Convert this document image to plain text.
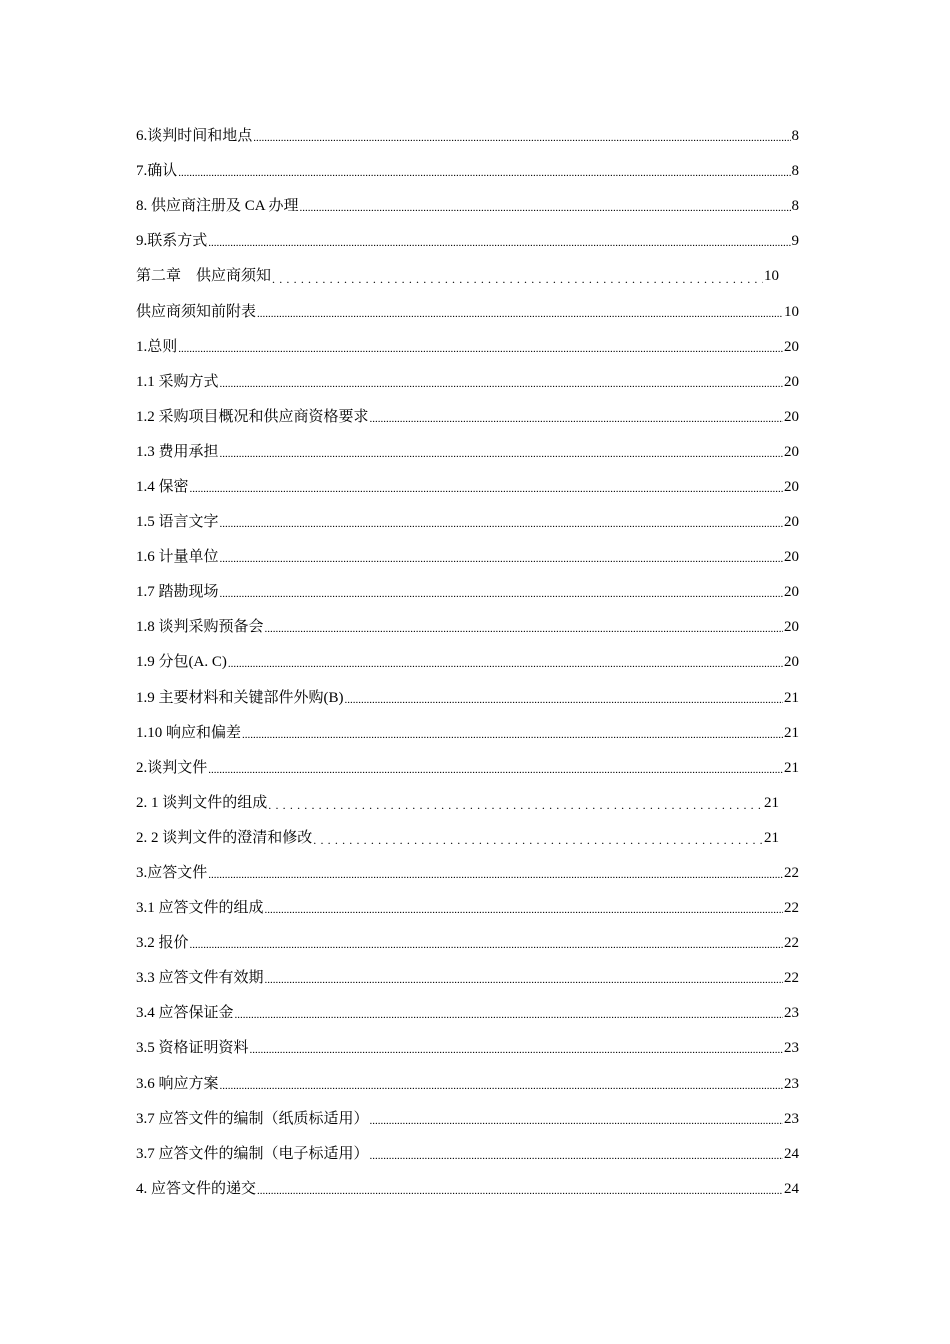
6.谈判时间和地点 .....	8
7.确认 .....	8
8. 供应商注册及 CA 办理 .....	8
9.联系方式 .....	9
第二章　供应商须知 .....	10
供应商须知前附表 .....	10
1.总则 .....	20
1.1 采购方式 .....	20
1.2 采购项目概况和供应商资格要求 .....	20
1.3 费用承担 .....	20
1.4 保密 .....	20
1.5 语言文字 .....	20
1.6 计量单位 .....	20
1.7 踏勘现场 .....	20
1.8 谈判采购预备会 .....	20
1.9 分包(A. C) .....	20
1.9 主要材料和关键部件外购(B) .....	21
1.10 响应和偏差 .....	21
2.谈判文件 .....	21
2. 1 谈判文件的组成 .....	21
2. 2 谈判文件的澄清和修改 .....	21
3.应答文件 .....	22
3.1 应答文件的组成 .....	22
3.2 报价 .....	22
3.3 应答文件有效期 .....	22
3.4 应答保证金 .....	23
3.5 资格证明资料 .....	23
3.6 响应方案 .....	23
3.7 应答文件的编制（纸质标适用） .....	23
3.7 应答文件的编制（电子标适用） .....	24
4. 应答文件的递交 .....	24
